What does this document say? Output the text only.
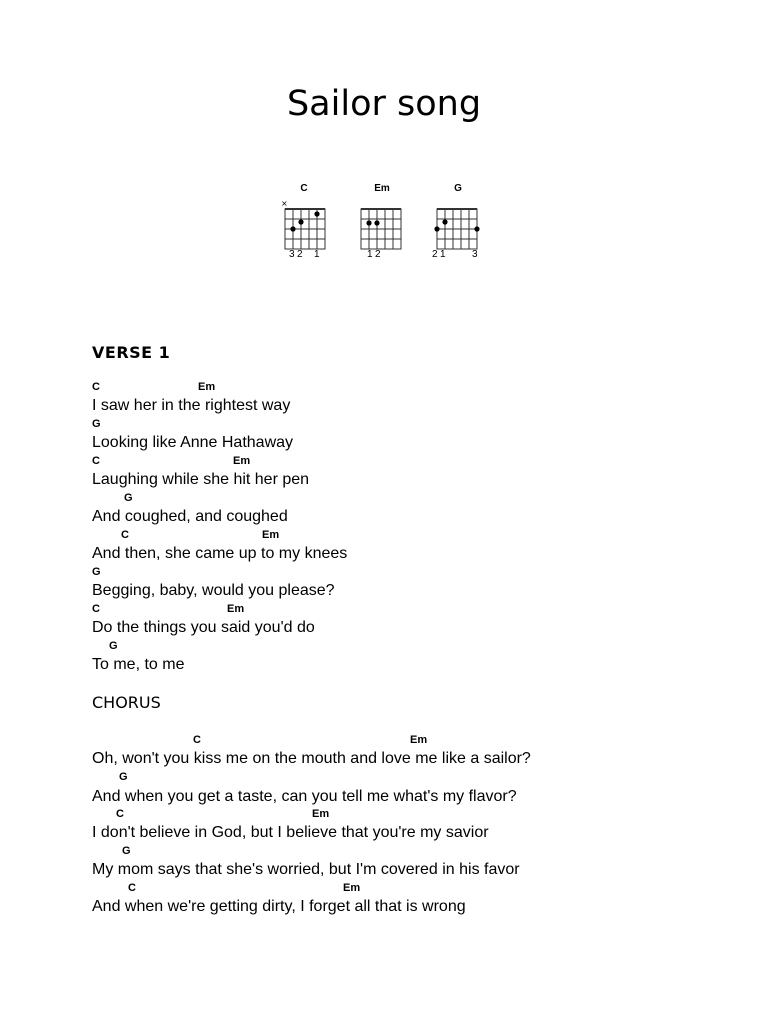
Sailor song
C
×
3 2 1
Em
1 2
G
2 1	3
VERSE 1
C	Em
I saw her in the rightest way
G
Looking like Anne Hathaway
C	Em
Laughing while she hit her pen
G
And coughed, and coughed
C	Em
And then, she came up to my knees
G
Begging, baby, would you please?
C	Em
Do the things you said you'd do
G
To me, to me
CHORUS
C	Em
Oh, won't you kiss me on the mouth and love me like a sailor?
G
And when you get a taste, can you tell me what's my flavor?
C	Em
I don't believe in God, but I believe that you're my savior
G
My mom says that she's worried, but I'm covered in his favor
C	Em
And when we're getting dirty, I forget all that is wrong
